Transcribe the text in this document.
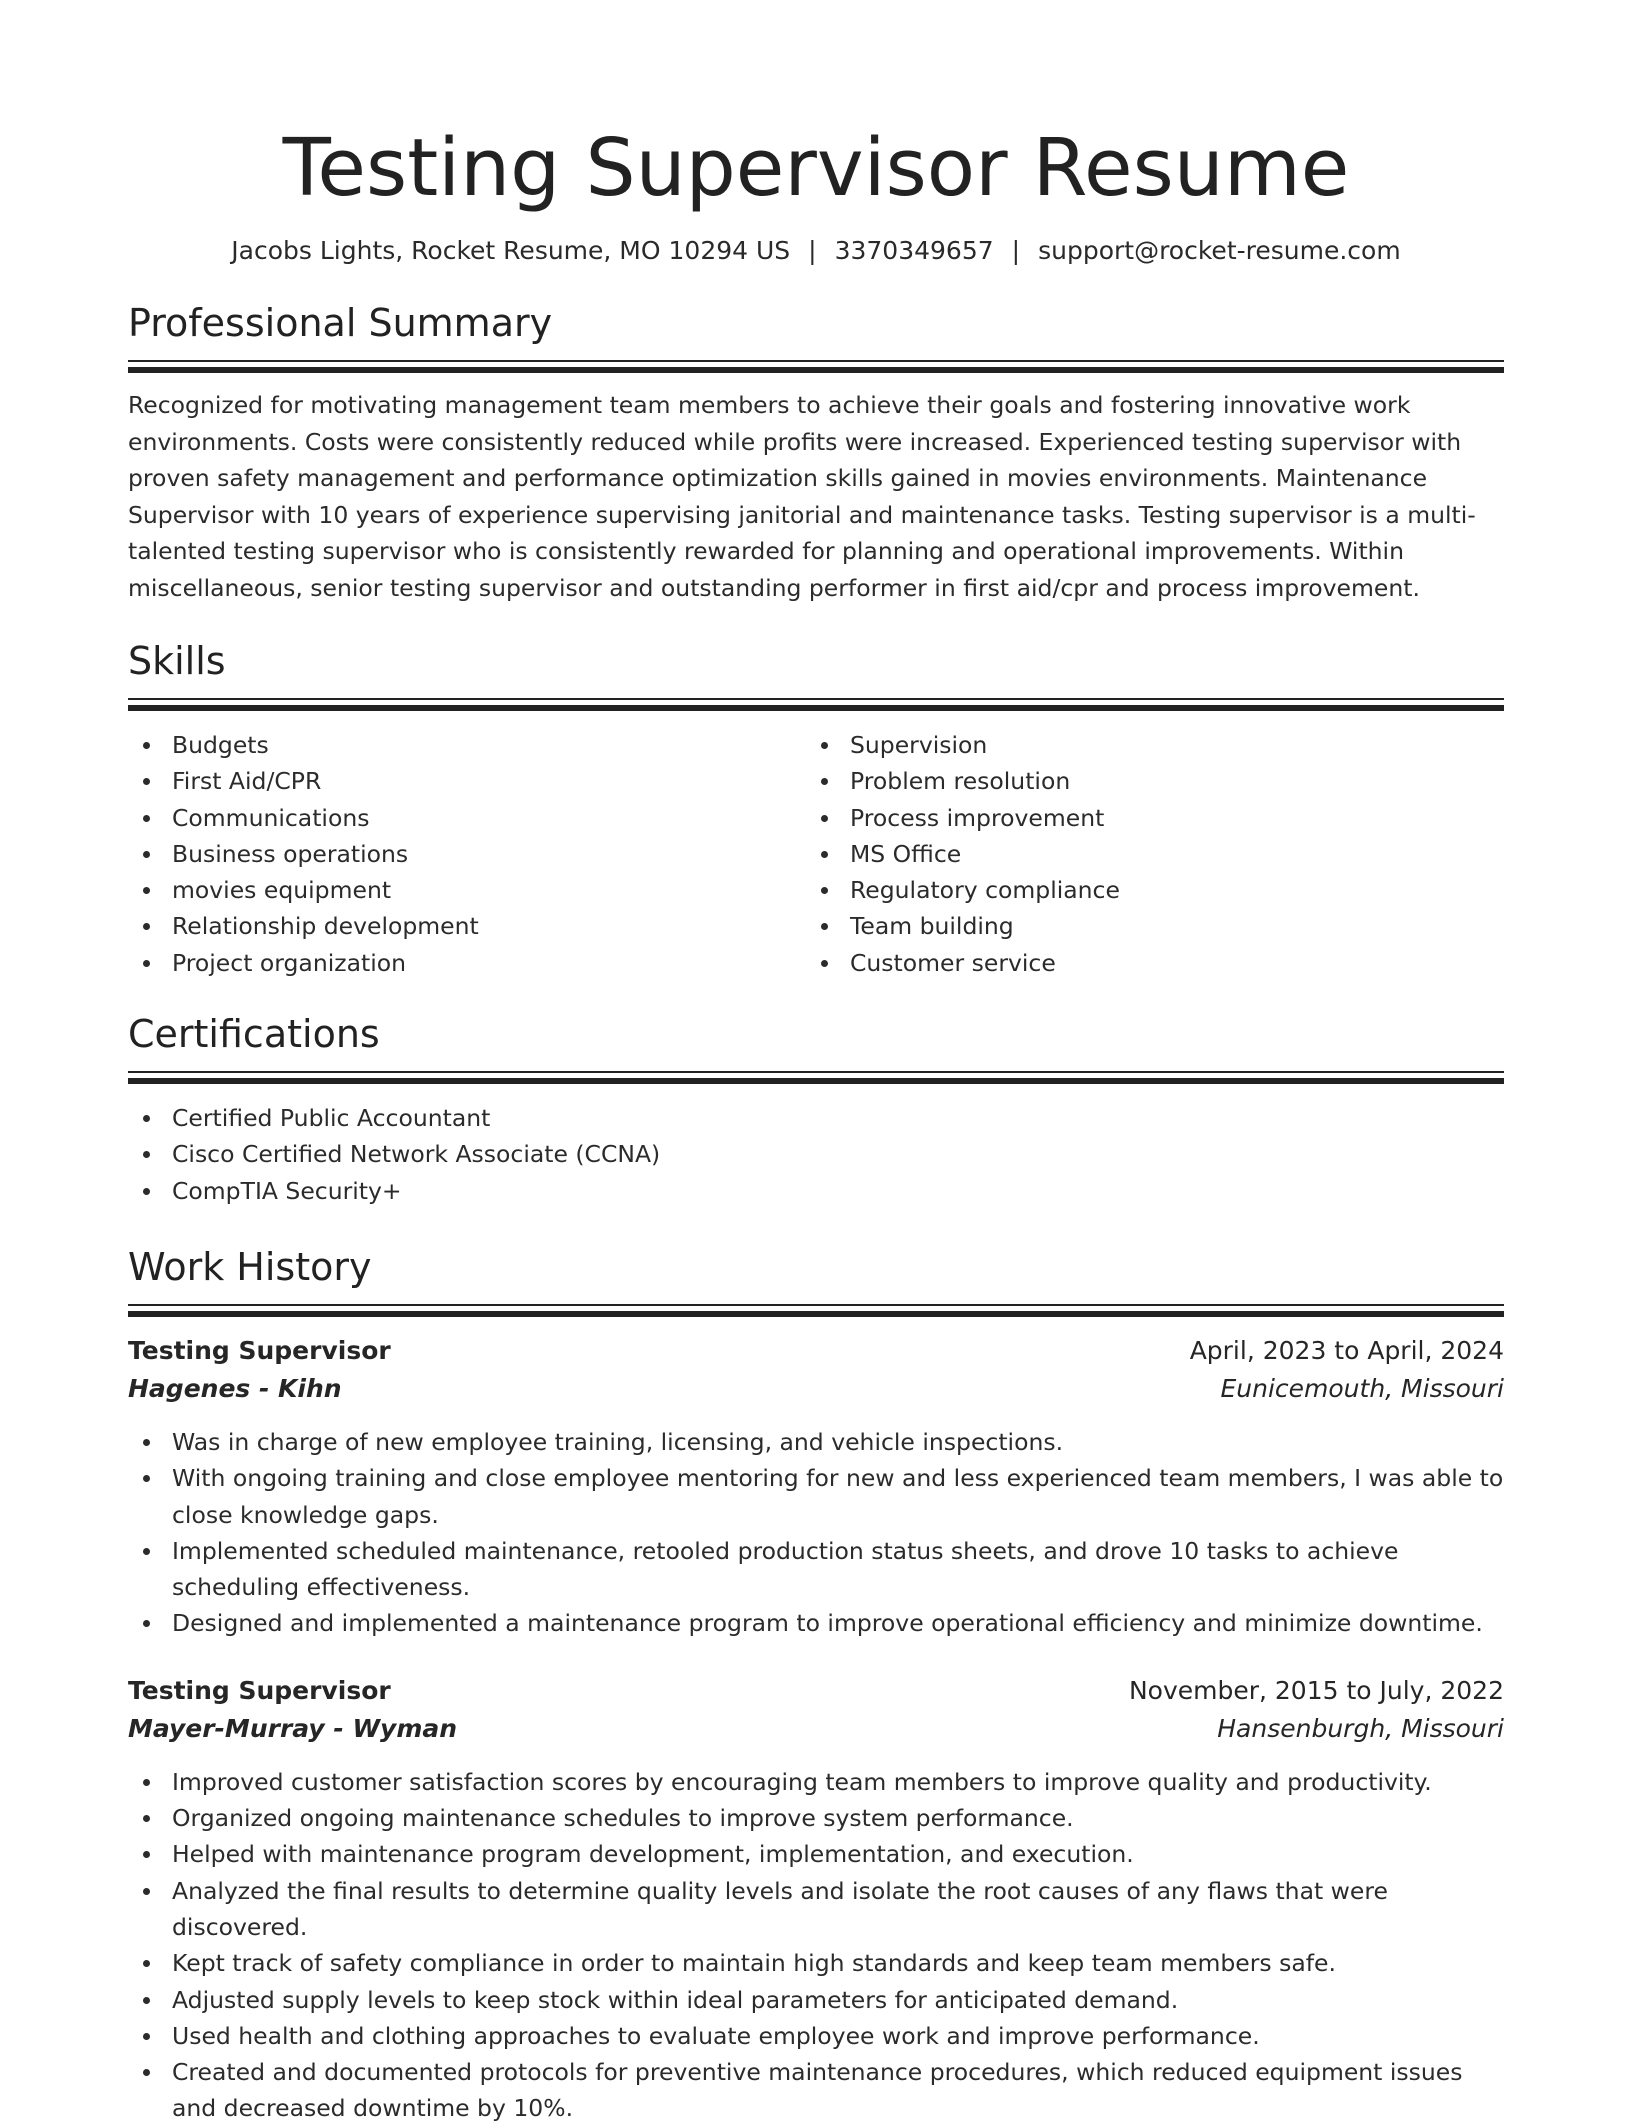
Testing Supervisor Resume
Jacobs Lights, Rocket Resume, MO 10294 US | 3370349657 | support@rocket-resume.com
Professional Summary
Recognized for motivating management team members to achieve their goals and fostering innovative work environments. Costs were consistently reduced while profits were increased. Experienced testing supervisor with proven safety management and performance optimization skills gained in movies environments. Maintenance Supervisor with 10 years of experience supervising janitorial and maintenance tasks. Testing supervisor is a multi-talented testing supervisor who is consistently rewarded for planning and operational improvements. Within miscellaneous, senior testing supervisor and outstanding performer in first aid/cpr and process improvement.
Skills
Budgets
First Aid/CPR
Communications
Business operations
movies equipment
Relationship development
Project organization
Supervision
Problem resolution
Process improvement
MS Office
Regulatory compliance
Team building
Customer service
Certifications
Certified Public Accountant
Cisco Certified Network Associate (CCNA)
CompTIA Security+
Work History
Testing Supervisor	April, 2023 to April, 2024
Hagenes - Kihn	Eunicemouth, Missouri
Was in charge of new employee training, licensing, and vehicle inspections.
With ongoing training and close employee mentoring for new and less experienced team members, I was able to close knowledge gaps.
Implemented scheduled maintenance, retooled production status sheets, and drove 10 tasks to achieve scheduling effectiveness.
Designed and implemented a maintenance program to improve operational efficiency and minimize downtime.
Testing Supervisor	November, 2015 to July, 2022
Mayer-Murray - Wyman	Hansenburgh, Missouri
Improved customer satisfaction scores by encouraging team members to improve quality and productivity.
Organized ongoing maintenance schedules to improve system performance.
Helped with maintenance program development, implementation, and execution.
Analyzed the final results to determine quality levels and isolate the root causes of any flaws that were discovered.
Kept track of safety compliance in order to maintain high standards and keep team members safe.
Adjusted supply levels to keep stock within ideal parameters for anticipated demand.
Used health and clothing approaches to evaluate employee work and improve performance.
Created and documented protocols for preventive maintenance procedures, which reduced equipment issues and decreased downtime by 10%.
